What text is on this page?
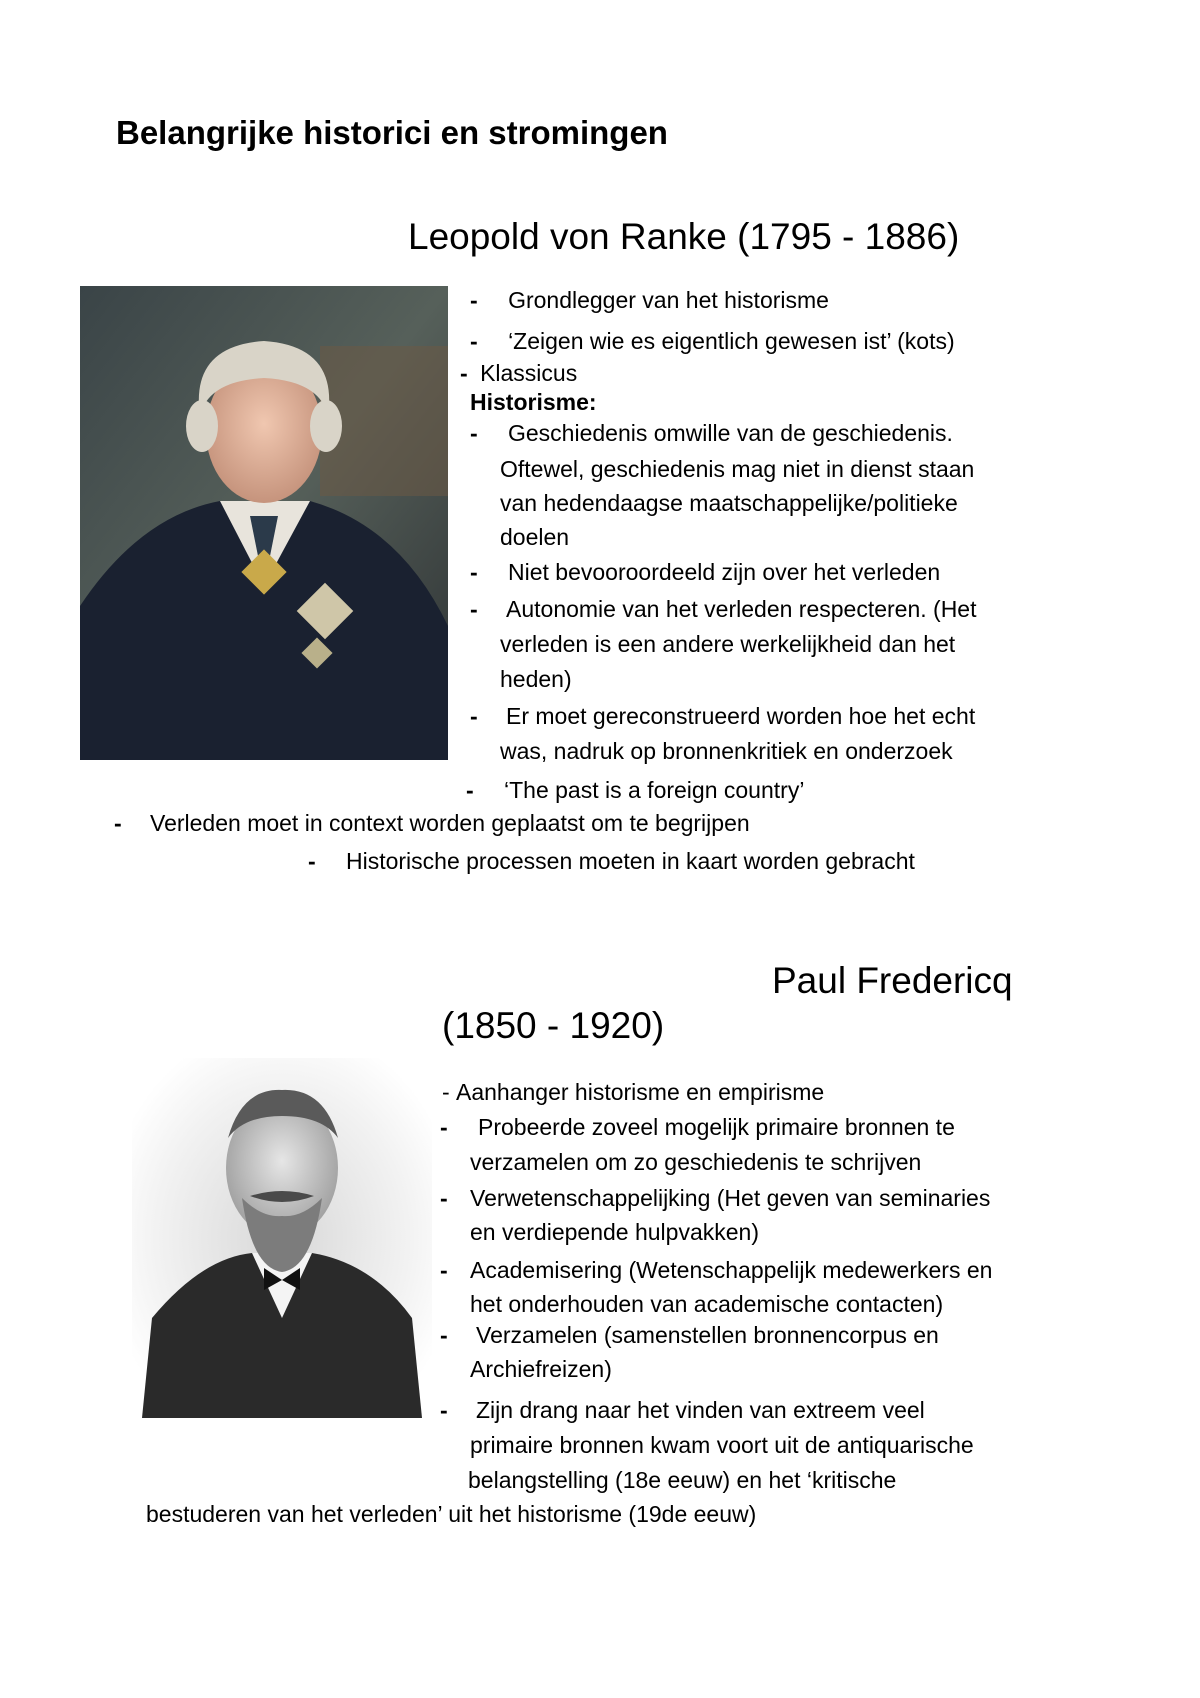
Belangrijke historici en stromingen
Leopold von Ranke (1795 - 1886)
- Grondlegger van het historisme
- ‘Zeigen wie es eigentlich gewesen ist’ (kots)
- Klassicus
Historisme:
- Geschiedenis omwille van de geschiedenis.
Oftewel, geschiedenis mag niet in dienst staan
van hedendaagse maatschappelijke/politieke
doelen
- Niet bevooroordeeld zijn over het verleden
- Autonomie van het verleden respecteren. (Het
verleden is een andere werkelijkheid dan het
heden)
- Er moet gereconstrueerd worden hoe het echt
was, nadruk op bronnenkritiek en onderzoek
- ‘The past is a foreign country’
- Verleden moet in context worden geplaatst om te begrijpen
- Historische processen moeten in kaart worden gebracht
Paul Fredericq
(1850 - 1920)
- Aanhanger historisme en empirisme
- Probeerde zoveel mogelijk primaire bronnen te
verzamelen om zo geschiedenis te schrijven
- Verwetenschappelijking (Het geven van seminaries
en verdiepende hulpvakken)
- Academisering (Wetenschappelijk medewerkers en
het onderhouden van academische contacten)
- Verzamelen (samenstellen bronnencorpus en
Archiefreizen)
- Zijn drang naar het vinden van extreem veel
primaire bronnen kwam voort uit de antiquarische
belangstelling (18e eeuw) en het ‘kritische
bestuderen van het verleden’ uit het historisme (19de eeuw)
